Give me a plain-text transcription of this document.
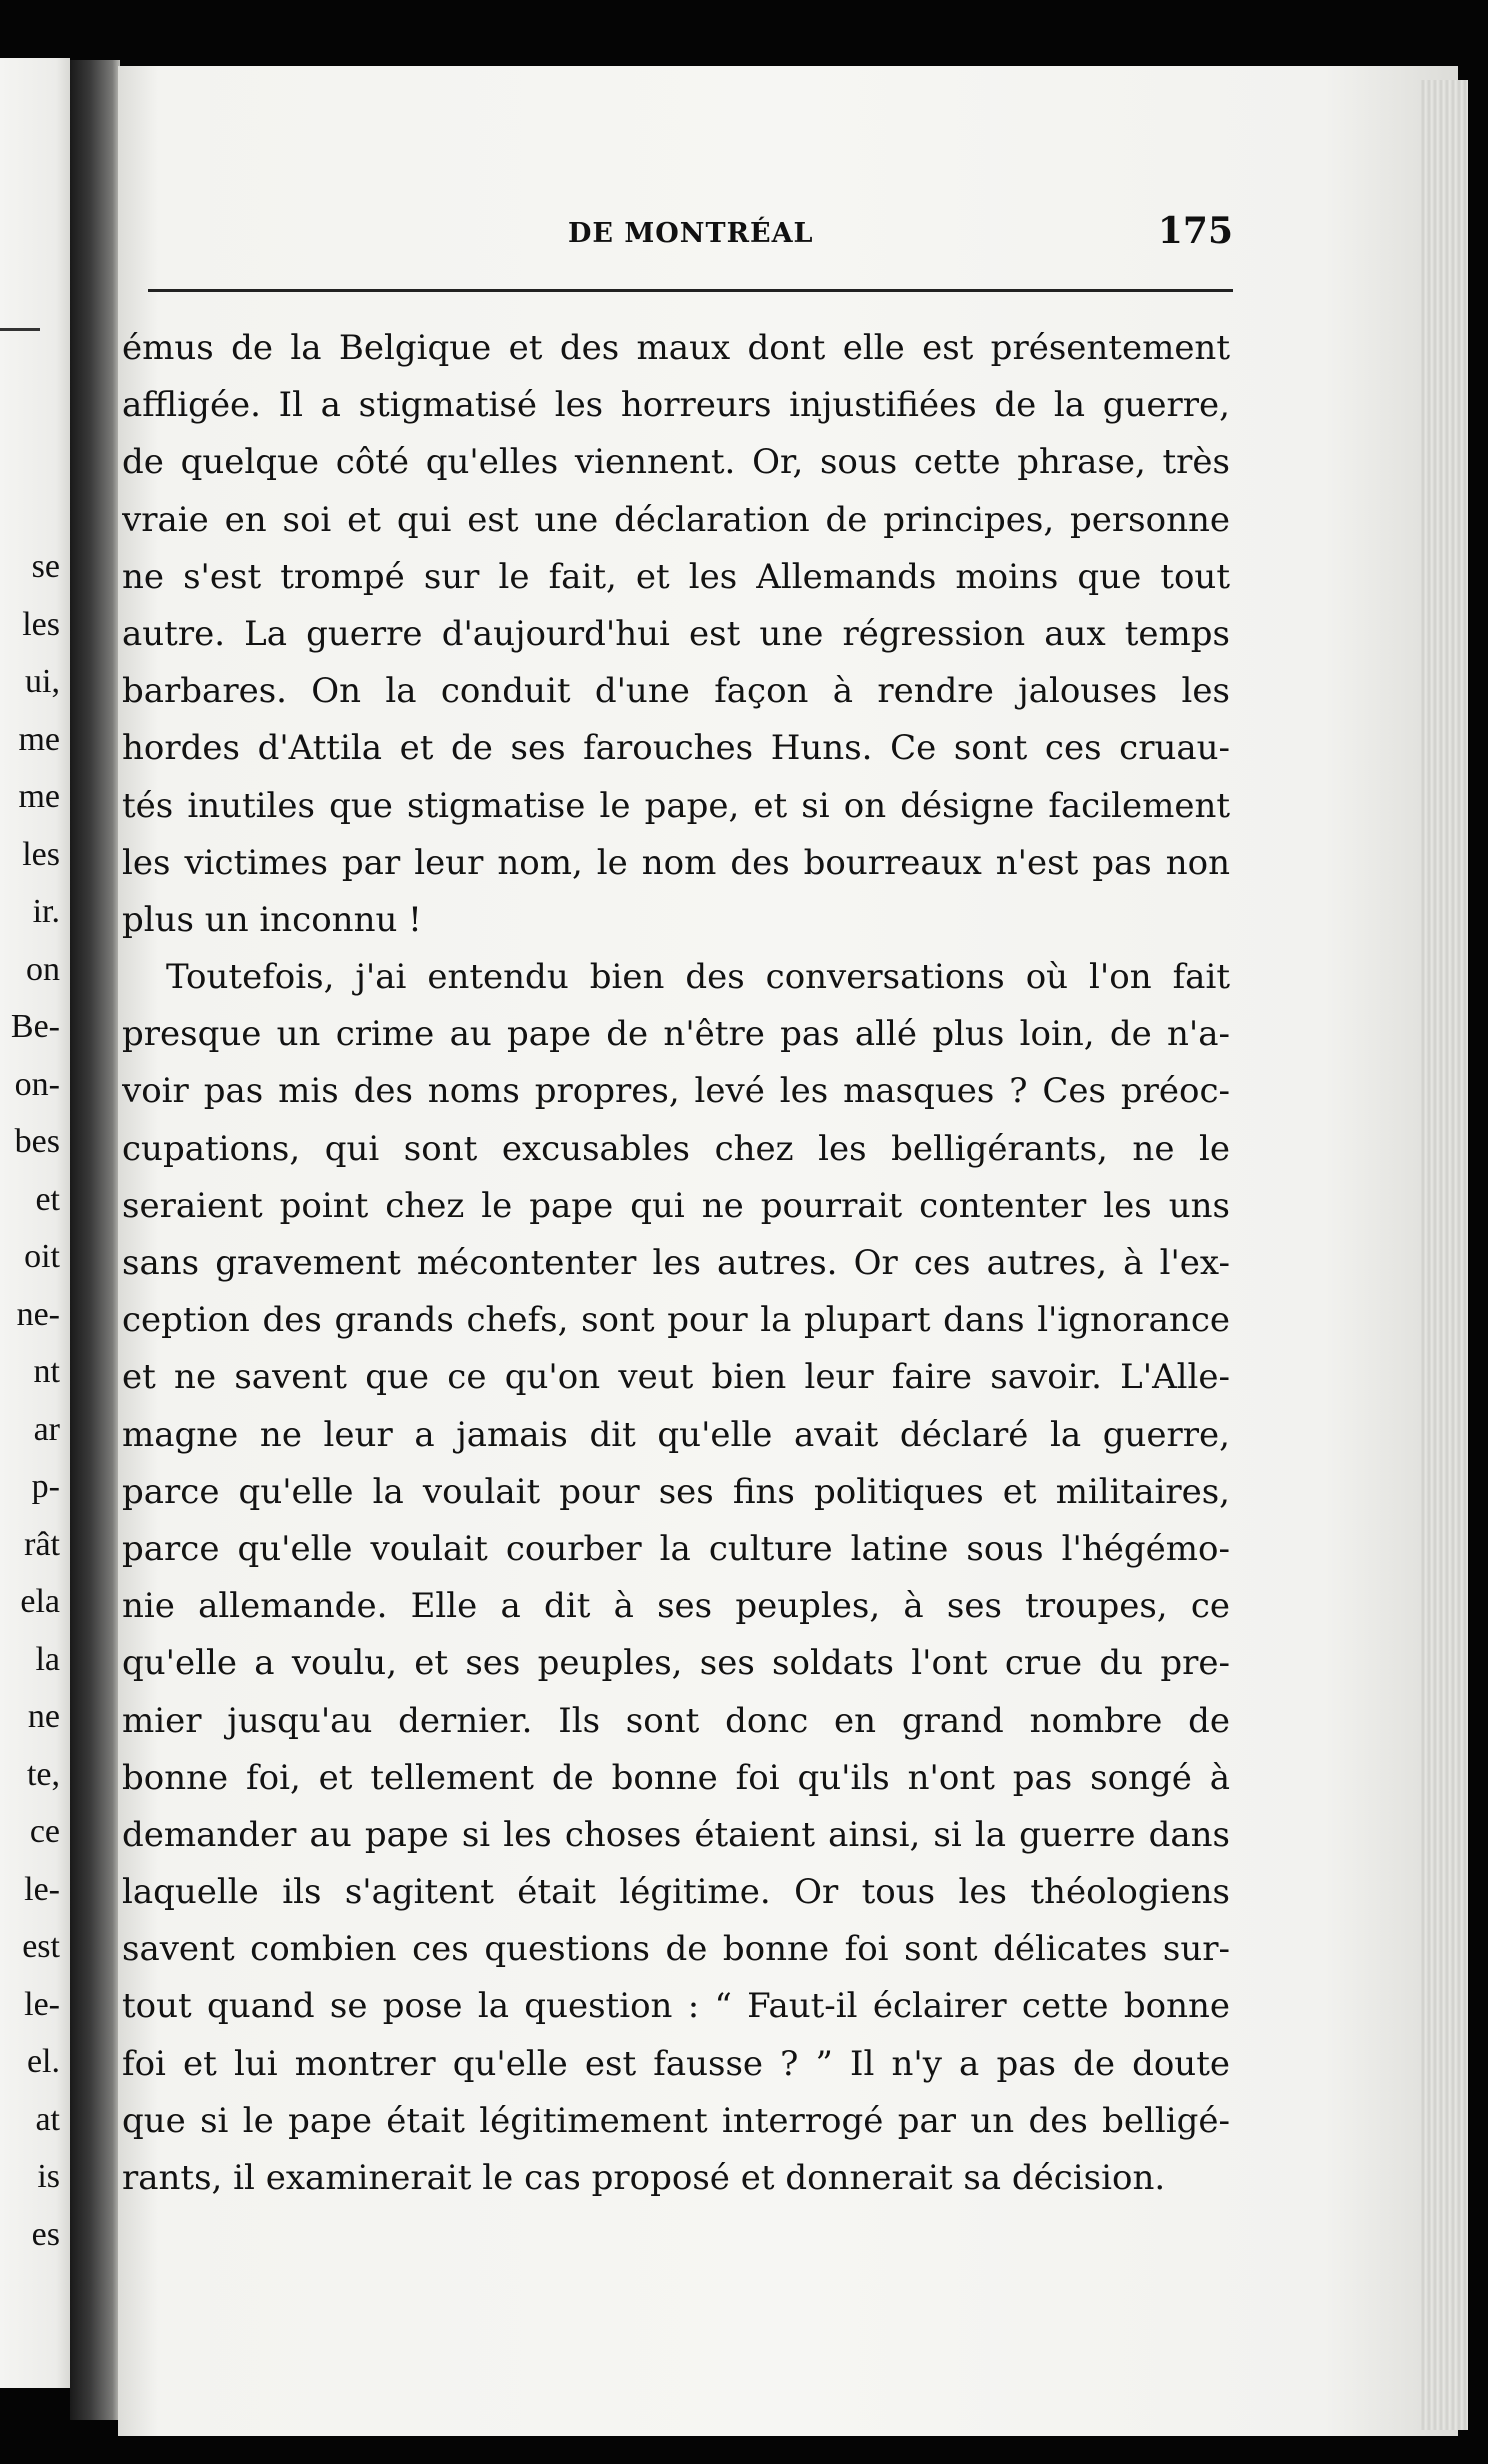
se
les
ui,
me
me
les
ir.
on
Be-
on-
bes
et
oit
ne-
nt
ar
p-
rât
ela
la
ne
te,
ce
le-
est
le-
el.
at
is
es
DE MONTRÉAL	175
émus de la Belgique et des maux dont elle est présentement
affligée. Il a stigmatisé les horreurs injustifiées de la guerre,
de quelque côté qu'elles viennent. Or, sous cette phrase, très
vraie en soi et qui est une déclaration de principes, personne
ne s'est trompé sur le fait, et les Allemands moins que tout
autre. La guerre d'aujourd'hui est une régression aux temps
barbares. On la conduit d'une façon à rendre jalouses les
hordes d'Attila et de ses farouches Huns. Ce sont ces cruau-
tés inutiles que stigmatise le pape, et si on désigne facilement
les victimes par leur nom, le nom des bourreaux n'est pas non
plus un inconnu !
Toutefois, j'ai entendu bien des conversations où l'on fait
presque un crime au pape de n'être pas allé plus loin, de n'a-
voir pas mis des noms propres, levé les masques ? Ces préoc-
cupations, qui sont excusables chez les belligérants, ne le
seraient point chez le pape qui ne pourrait contenter les uns
sans gravement mécontenter les autres. Or ces autres, à l'ex-
ception des grands chefs, sont pour la plupart dans l'ignorance
et ne savent que ce qu'on veut bien leur faire savoir. L'Alle-
magne ne leur a jamais dit qu'elle avait déclaré la guerre,
parce qu'elle la voulait pour ses fins politiques et militaires,
parce qu'elle voulait courber la culture latine sous l'hégémo-
nie allemande. Elle a dit à ses peuples, à ses troupes, ce
qu'elle a voulu, et ses peuples, ses soldats l'ont crue du pre-
mier jusqu'au dernier. Ils sont donc en grand nombre de
bonne foi, et tellement de bonne foi qu'ils n'ont pas songé à
demander au pape si les choses étaient ainsi, si la guerre dans
laquelle ils s'agitent était légitime. Or tous les théologiens
savent combien ces questions de bonne foi sont délicates sur-
tout quand se pose la question : “ Faut-il éclairer cette bonne
foi et lui montrer qu'elle est fausse ? ” Il n'y a pas de doute
que si le pape était légitimement interrogé par un des belligé-
rants, il examinerait le cas proposé et donnerait sa décision.
